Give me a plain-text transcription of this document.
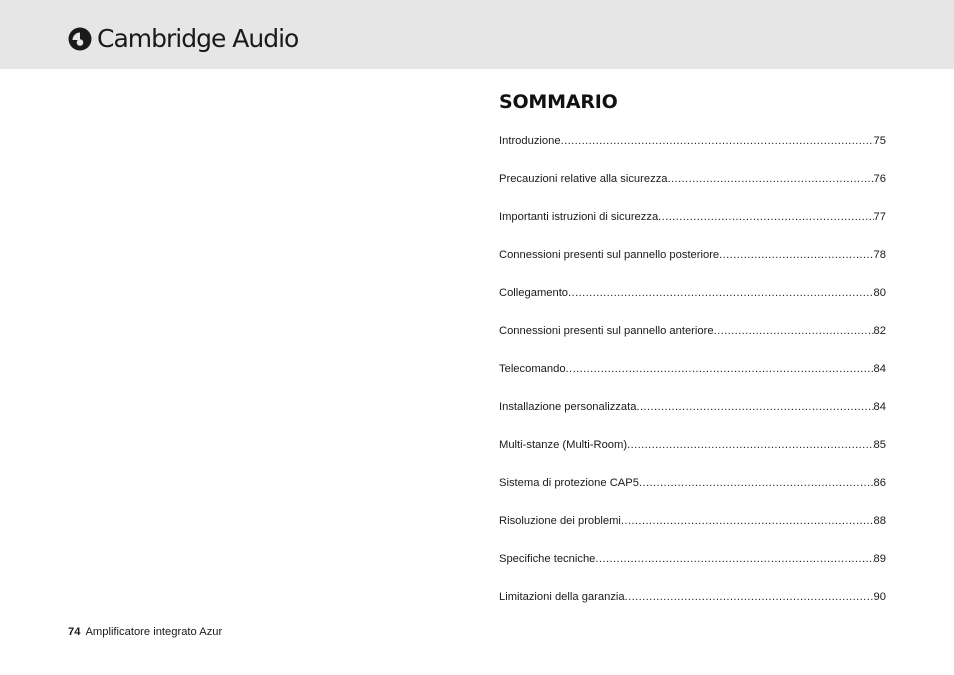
Cambridge Audio
SOMMARIO
Introduzione .....	75
Precauzioni relative alla sicurezza .....	76
Importanti istruzioni di sicurezza .....	77
Connessioni presenti sul pannello posteriore .....	78
Collegamento .....	80
Connessioni presenti sul pannello anteriore .....	82
Telecomando .....	84
Installazione personalizzata .....	84
Multi-stanze (Multi-Room) .....	85
Sistema di protezione CAP5 .....	86
Risoluzione dei problemi .....	88
Specifiche tecniche .....	89
Limitazioni della garanzia .....	90
74 Amplificatore integrato Azur
